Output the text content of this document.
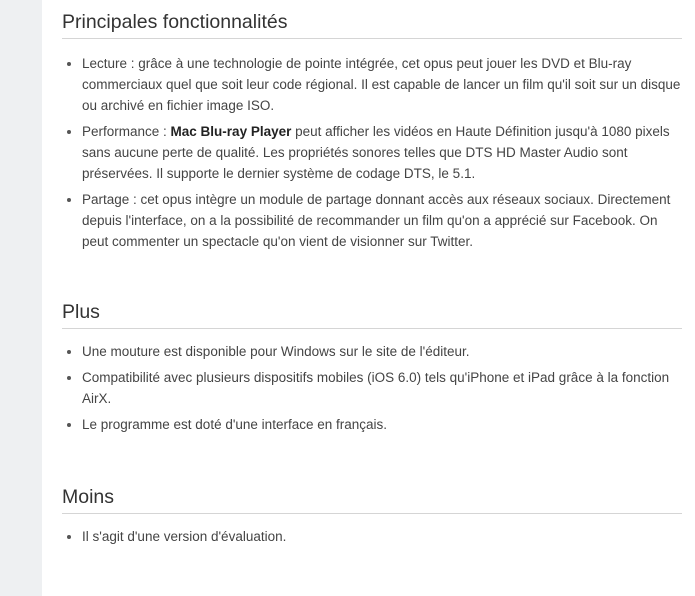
Principales fonctionnalités
Lecture : grâce à une technologie de pointe intégrée, cet opus peut jouer les DVD et Blu-ray commerciaux quel que soit leur code régional. Il est capable de lancer un film qu'il soit sur un disque ou archivé en fichier image ISO.
Performance : Mac Blu-ray Player peut afficher les vidéos en Haute Définition jusqu'à 1080 pixels sans aucune perte de qualité. Les propriétés sonores telles que DTS HD Master Audio sont préservées. Il supporte le dernier système de codage DTS, le 5.1.
Partage : cet opus intègre un module de partage donnant accès aux réseaux sociaux. Directement depuis l'interface, on a la possibilité de recommander un film qu'on a apprécié sur Facebook. On peut commenter un spectacle qu'on vient de visionner sur Twitter.
Plus
Une mouture est disponible pour Windows sur le site de l'éditeur.
Compatibilité avec plusieurs dispositifs mobiles (iOS 6.0) tels qu'iPhone et iPad grâce à la fonction AirX.
Le programme est doté d'une interface en français.
Moins
Il s'agit d'une version d'évaluation.
